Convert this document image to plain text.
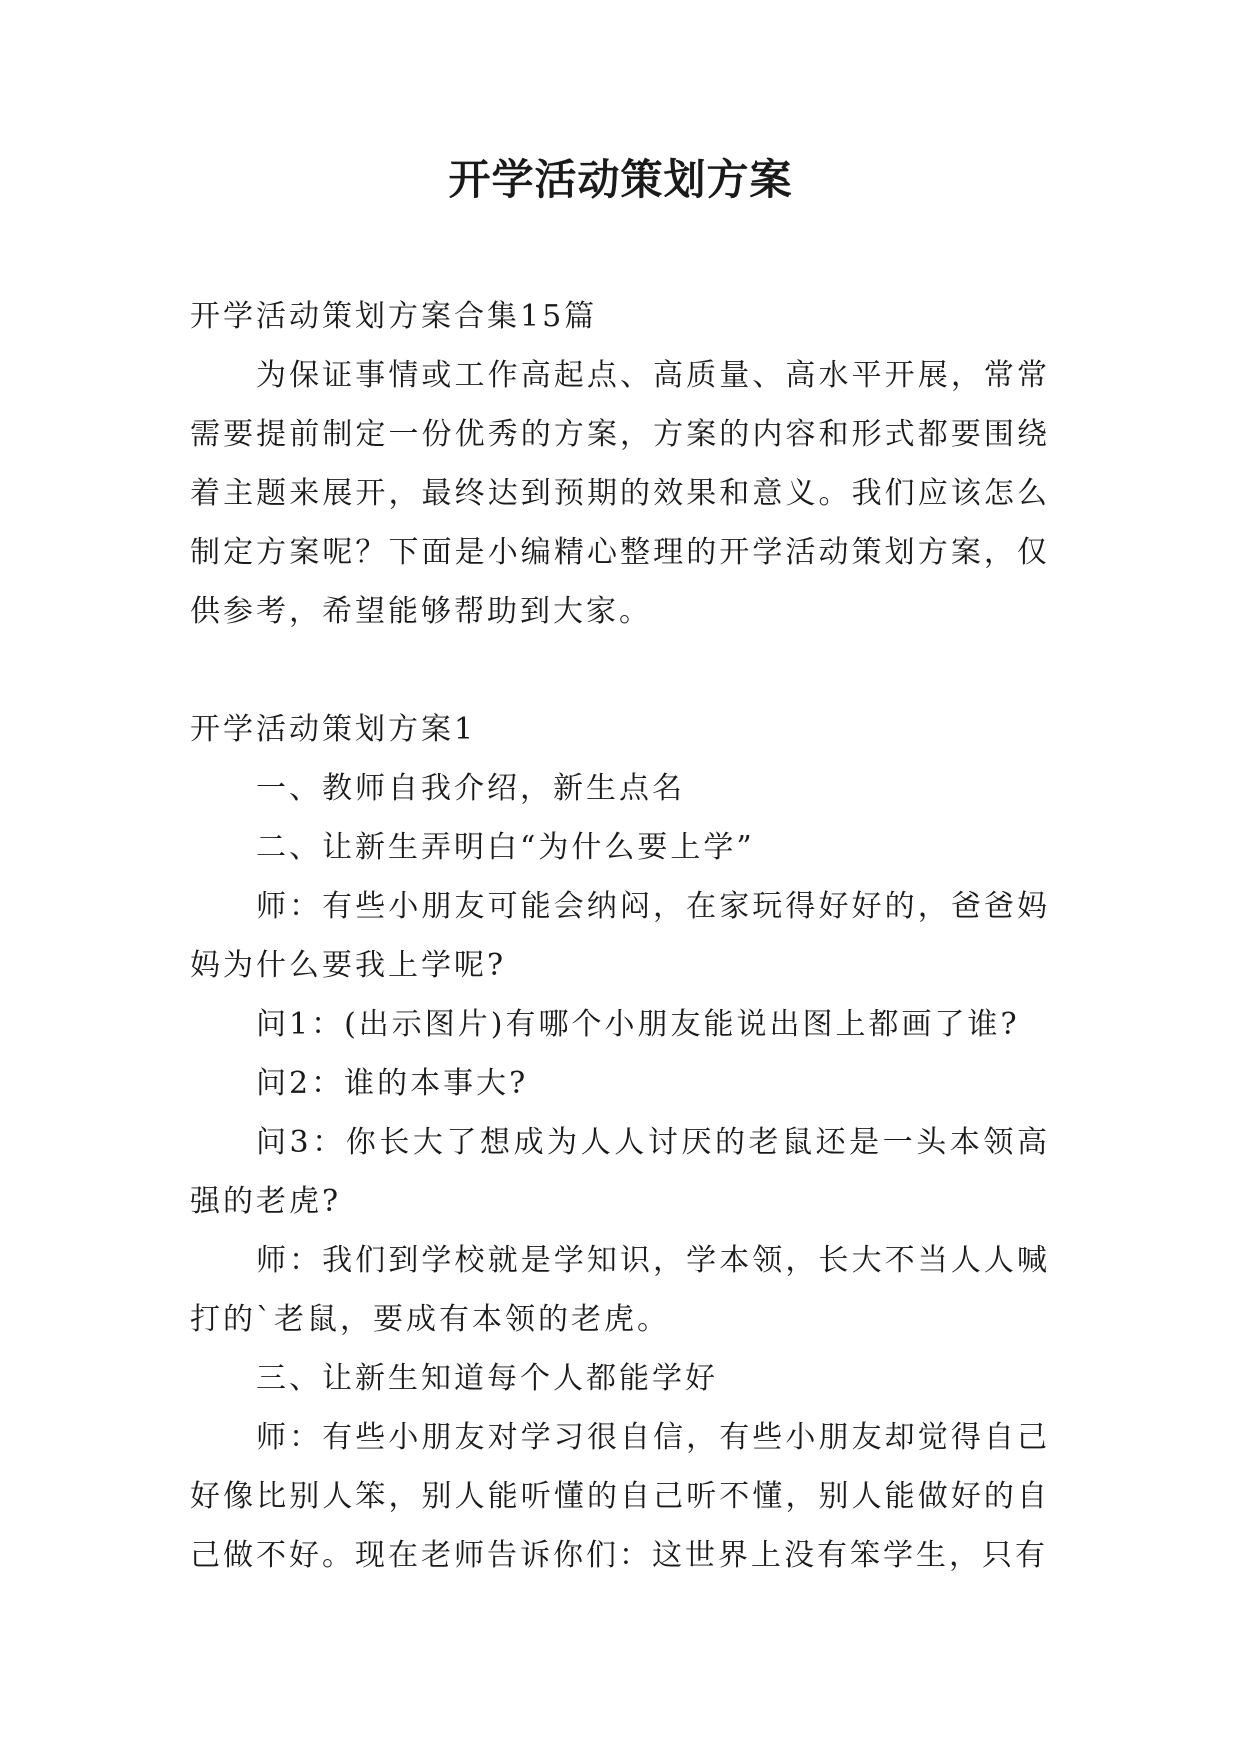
开学活动策划方案

开学活动策划方案合集15篇

为保证事情或工作高起点、高质量、高水平开展，常常需要提前制定一份优秀的方案，方案的内容和形式都要围绕着主题来展开，最终达到预期的效果和意义。我们应该怎么制定方案呢？下面是小编精心整理的开学活动策划方案，仅供参考，希望能够帮助到大家。

开学活动策划方案1

一、教师自我介绍，新生点名

二、让新生弄明白“为什么要上学”

师：有些小朋友可能会纳闷，在家玩得好好的，爸爸妈妈为什么要我上学呢?

问1：(出示图片)有哪个小朋友能说出图上都画了谁?

问2：谁的本事大?

问3：你长大了想成为人人讨厌的老鼠还是一头本领高强的老虎?

师：我们到学校就是学知识，学本领，长大不当人人喊打的`老鼠，要成有本领的老虎。

三、让新生知道每个人都能学好

师：有些小朋友对学习很自信，有些小朋友却觉得自己好像比别人笨，别人能听懂的自己听不懂，别人能做好的自己做不好。现在老师告诉你们：这世界上没有笨学生，只有
